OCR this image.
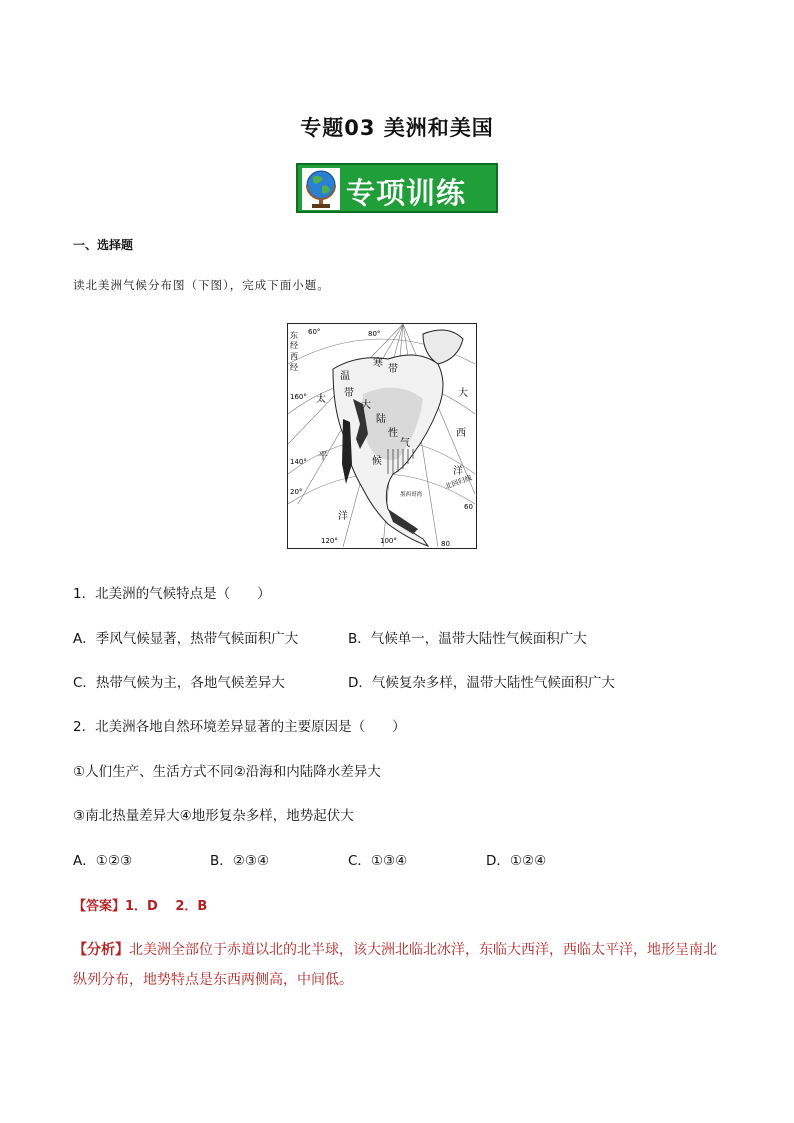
专题03 美洲和美国
专项训练
一、选择题
读北美洲气候分布图（下图），完成下面小题。
东
经
西
经
60°	80°
160°
140°
20°
120°	100°	80
60
太
平
洋
大
西
洋
寒
带
温
带
大
陆
性
气
候
北回归线
墨西哥湾
1．北美洲的气候特点是（　　）
A．季风气候显著，热带气候面积广大	B．气候单一，温带大陆性气候面积广大
C．热带气候为主，各地气候差异大	D．气候复杂多样，温带大陆性气候面积广大
2．北美洲各地自然环境差异显著的主要原因是（　　）
①人们生产、生活方式不同②沿海和内陆降水差异大
③南北热量差异大④地形复杂多样，地势起伏大
A．①②③	B．②③④	C．①③④	D．①②④
【答案】1．D　 2．B
【分析】北美洲全部位于赤道以北的北半球，该大洲北临北冰洋，东临大西洋，西临太平洋，地形呈南北纵列分布，地势特点是东西两侧高，中间低。
